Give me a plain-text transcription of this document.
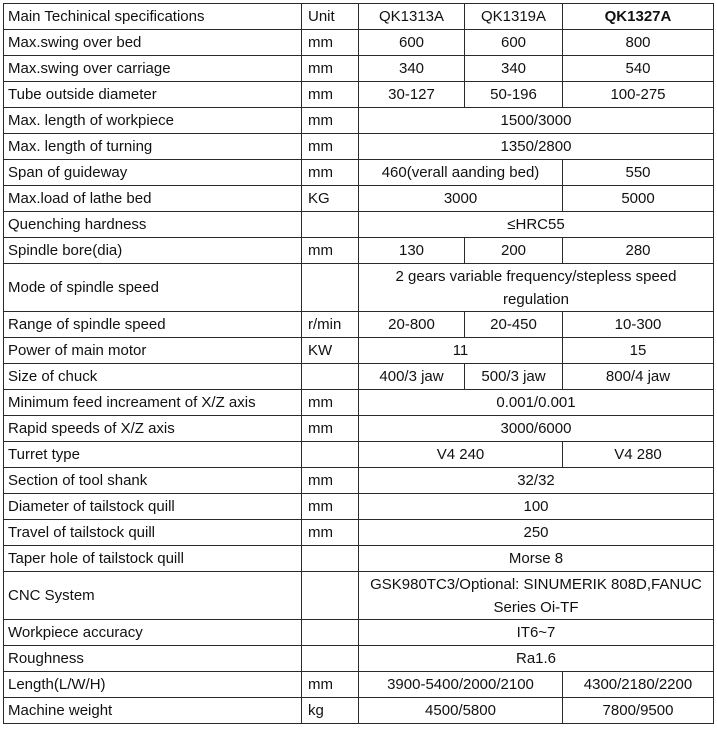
Main Techinical specifications	Unit	QK1313A	QK1319A	QK1327A
Max.swing over bed	mm	600	600	800
Max.swing over carriage	mm	340	340	540
Tube outside diameter	mm	30-127	50-196	100-275
Max. length of workpiece	mm	1500/3000		
Max. length of turning	mm	1350/2800		
Span of guideway	mm	460(verall aanding bed)		550
Max.load of lathe bed	KG	3000		5000
Quenching hardness		≤HRC55		
Spindle bore(dia)	mm	130	200	280
Mode of spindle speed		2 gears variable frequency/stepless speed regulation		
Range of spindle speed	r/min	20-800	20-450	10-300
Power of main motor	KW	11		15
Size of chuck		400/3 jaw	500/3 jaw	800/4 jaw
Minimum feed increament of X/Z axis	mm	0.001/0.001		
Rapid speeds of X/Z axis	mm	3000/6000		
Turret type		V4 240		V4 280
Section of tool shank	mm	32/32		
Diameter of tailstock quill	mm	100		
Travel of tailstock quill	mm	250		
Taper hole of tailstock quill		Morse 8		
CNC System		GSK980TC3/Optional: SINUMERIK 808D,FANUC Series Oi-TF		
Workpiece accuracy		IT6~7		
Roughness		Ra1.6		
Length(L/W/H)	mm	3900-5400/2000/2100		4300/2180/2200
Machine weight	kg	4500/5800		7800/9500
